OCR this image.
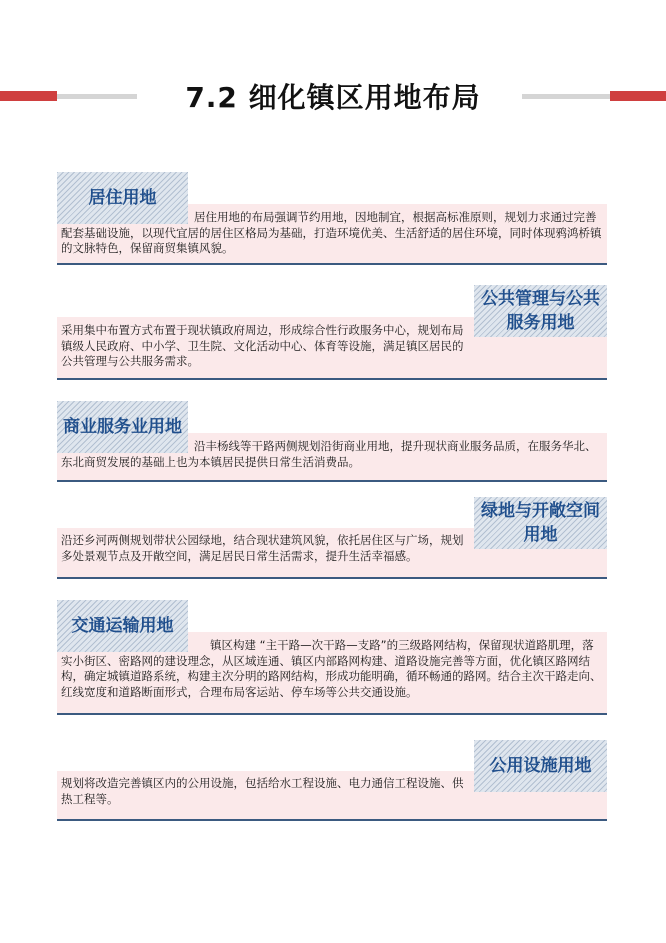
7.2 细化镇区用地布局
居住用地
居住用地的布局强调节约用地，因地制宜，根据高标准原则，规划力求通过完善配套基础设施，以现代宜居的居住区格局为基础，打造环境优美、生活舒适的居住环境，同时体现鸦鸿桥镇的文脉特色，保留商贸集镇风貌。
公共管理与公共服务用地
采用集中布置方式布置于现状镇政府周边，形成综合性行政服务中心，规划布局镇级人民政府、中小学、卫生院、文化活动中心、体育等设施，满足镇区居民的公共管理与公共服务需求。
商业服务业用地
沿丰杨线等干路两侧规划沿街商业用地，提升现状商业服务品质，在服务华北、东北商贸发展的基础上也为本镇居民提供日常生活消费品。
绿地与开敞空间用地
沿还乡河两侧规划带状公园绿地，结合现状建筑风貌，依托居住区与广场，规划多处景观节点及开敞空间，满足居民日常生活需求，提升生活幸福感。
交通运输用地
镇区构建 “主干路—次干路—支路”的三级路网结构，保留现状道路肌理，落实小街区、密路网的建设理念，从区域连通、镇区内部路网构建、道路设施完善等方面，优化镇区路网结构，确定城镇道路系统，构建主次分明的路网结构，形成功能明确，循环畅通的路网。结合主次干路走向、红线宽度和道路断面形式，合理布局客运站、停车场等公共交通设施。
公用设施用地
规划将改造完善镇区内的公用设施，包括给水工程设施、电力通信工程设施、供热工程等。
